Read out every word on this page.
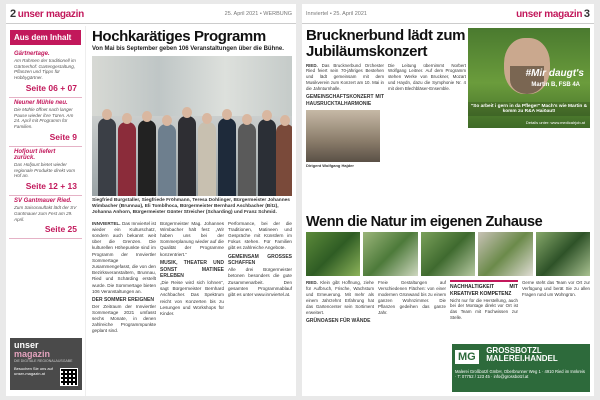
2 unser magazin	25. April 2021 • WERBUNG
Aus dem Inhalt
Gärtnertage.

Am Rahmen der traditionell im Gärtnerhof: Gartengestaltung, Pflanzen und Tipps für Hobbygärtner.

Seite 06 + 07
Neuner Mühle neu.

Die Mühle öffnet nach langer Pause wieder ihre Türen. Am 24. April mit Programm für Familien.

Seite 9
Hofjourt liefert zurück.

Das Hofjourt bietet wieder regionale Produkte direkt vom Hof an.

Seite 12 + 13
SV Gantmauer Ried.

Zum Saisonauftakt lädt der SV Gantmauer zum Fest am 29. April.

Seite 25
unser
magazin
DIE DIGITALE REGIONALAUSGABE
Besuchen Sie uns auf unser-magazin.at
Hochkarätiges Programm
Von Mai bis September geben 106 Veranstaltungen über die Bühne.
Siegfried Burgstaller, Siegfriede Fröhmann, Teresa Dohlinger, Bürgermeister Johannes Wimbacher (Brunnau), Eli Tomblhoca, Bürgermeister Bernhard Aschbacher (Bitz), Johanna Anhorn, Bürgermeister Günter Streicher (Scharding) und Franz Schmid.
INNVIERTEL. Das Innviertel ist wieder ein Kulturschatz, sondern auch bekannt weit über die Grenzen. Die kulturellen Höhepunkte sind im Programm der Innviertler Sommertage zusammengefasst, die von den Bezirksveranstaltern, Brunnau, Ried und Schärding erstellt wurde. Die Sommertage bieten 106 Veranstaltungen an.
DER SOMMER EREIGNEN
Der Zeitraum der Innviertler Sommertage 2021 umfasst sechs Monate, in denen zahlreiche Programmpunkte geplant sind.
Bürgermeister Mag. Johannes Wimbacher hält fest: „Wir haben uns bei der Sommerplanung wieder auf die Qualität der Programme konzentriert.“
MUSIK, THEATER UND SONST MATINEE ERLEBEN
„Die Reise wird sich lohnen“, sagt Bürgermeister Bernhard Aschbacher. Das Spektrum reicht von Konzerten bis zu Lesungen und Workshops für Kinder.
Performance, bei der die Traditionen, Matineen und Gespräche mit Künstlern im Fokus stehen. Für Familien gibt es zahlreiche Angebote.
GEMEINSAM GROSSES SCHAFFEN
Alle drei Bürgermeister betonen besonders die gute Zusammenarbeit. Den gesamten Programmablauf gibt es unter www.innviertel.at.
Innviertel • 25. April 2021	unser magazin 3
Brucknerbund lädt zum Jubiläumskonzert
RIED. Das Brucknerbund Orchester Ried feiert sein 70-jähriges Bestehen und lädt gemeinsam mit dem Musikverein zum Konzert am 10. Mai in die Jahnturnhalle.
GEMEINSCHAFTSKONZERT MIT HAUSRUCKTALHARMONIE
Dirigent Wolfgang Hajder
Die Leitung übernimmt Norbert Wolfgang Leitner. Auf dem Programm stehen Werke von Bruckner, Mozart und Haydn, dazu die Symphonie Nr. 4 mit dem Blechbläser-Ensemble.
#Mir daugt's
Martin B, FSB 4A
"So arbeit i gern in da Pflege!" Mach's wie Martin & komm zu R&A Haiöaut!
Details unter: www.medicalrjob.at
Wenn die Natur im eigenen Zuhause
RIED. Klein gibt Hoffnung, ziehe für Aufbruch, Frische, Wachstum und Erneuerung. Mit mehr als einem Jahrzehnt Erfahrung hat das Gartencenter sein Sortiment erweitert.
GRÜNOASEN FÜR WÄNDE
Freie Gestaltungen auf Verschiedenen Flächen: von einer modernen Grünwand bis zu einem ganzen Wohnzimmer. Die Pflanzen gedeihen das ganze Jahr.
NACHHALTIGKEIT MIT KREATIVER KOMPETENZ
Nicht nur für die Herstellung, auch bei der Montage direkt vor Ort ist das Team mit Fachwissen zur Stelle.
Gerne steht das Team vor Ort zur Verfügung und berät Sie zu allen Fragen rund um Wohngrün.
MG GROSSBOTZL
MALEREI.HANDEL
Malerei Großbotzl GmbH, Oberbrunner Weg 1 · 4910 Ried im Innkreis · T: 07752 / 123 45 · info@grossbotzl.at
